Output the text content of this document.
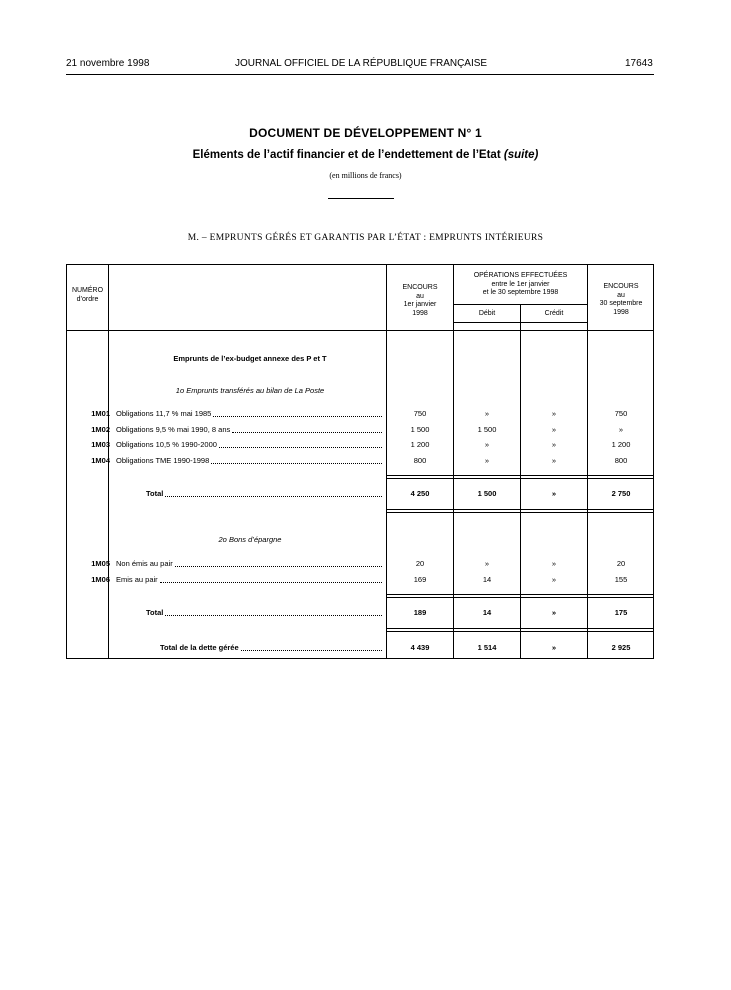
21 novembre 1998	JOURNAL OFFICIEL DE LA RÉPUBLIQUE FRANÇAISE	17643
DOCUMENT DE DÉVELOPPEMENT N° 1
Eléments de l’actif financier et de l’endettement de l’Etat (suite)
(en millions de francs)
M. – EMPRUNTS GÉRÉS ET GARANTIS PAR L’ÉTAT : EMPRUNTS INTÉRIEURS
NUMÉRO
d’ordre
ENCOURS
au
1er janvier
1998
OPÉRATIONS EFFECTUÉES
entre le 1er janvier
et le 30 septembre 1998
Débit	Crédit
ENCOURS
au
30 septembre
1998
Emprunts de l’ex-budget annexe des P et T
1o Emprunts transférés au bilan de La Poste
1M01 Obligations 11,7 % mai 1985	750	»	»	750
1M02 Obligations 9,5 % mai 1990, 8 ans	1 500	1 500	»	»
1M03 Obligations 10,5 % 1990-2000	1 200	»	»	1 200
1M04 Obligations TME 1990-1998	800	»	»	800
Total	4 250	1 500	»	2 750
2o Bons d’épargne
1M05 Non émis au pair	20	»	»	20
1M06 Emis au pair	169	14	»	155
Total	189	14	»	175
Total de la dette gérée	4 439	1 514	»	2 925
